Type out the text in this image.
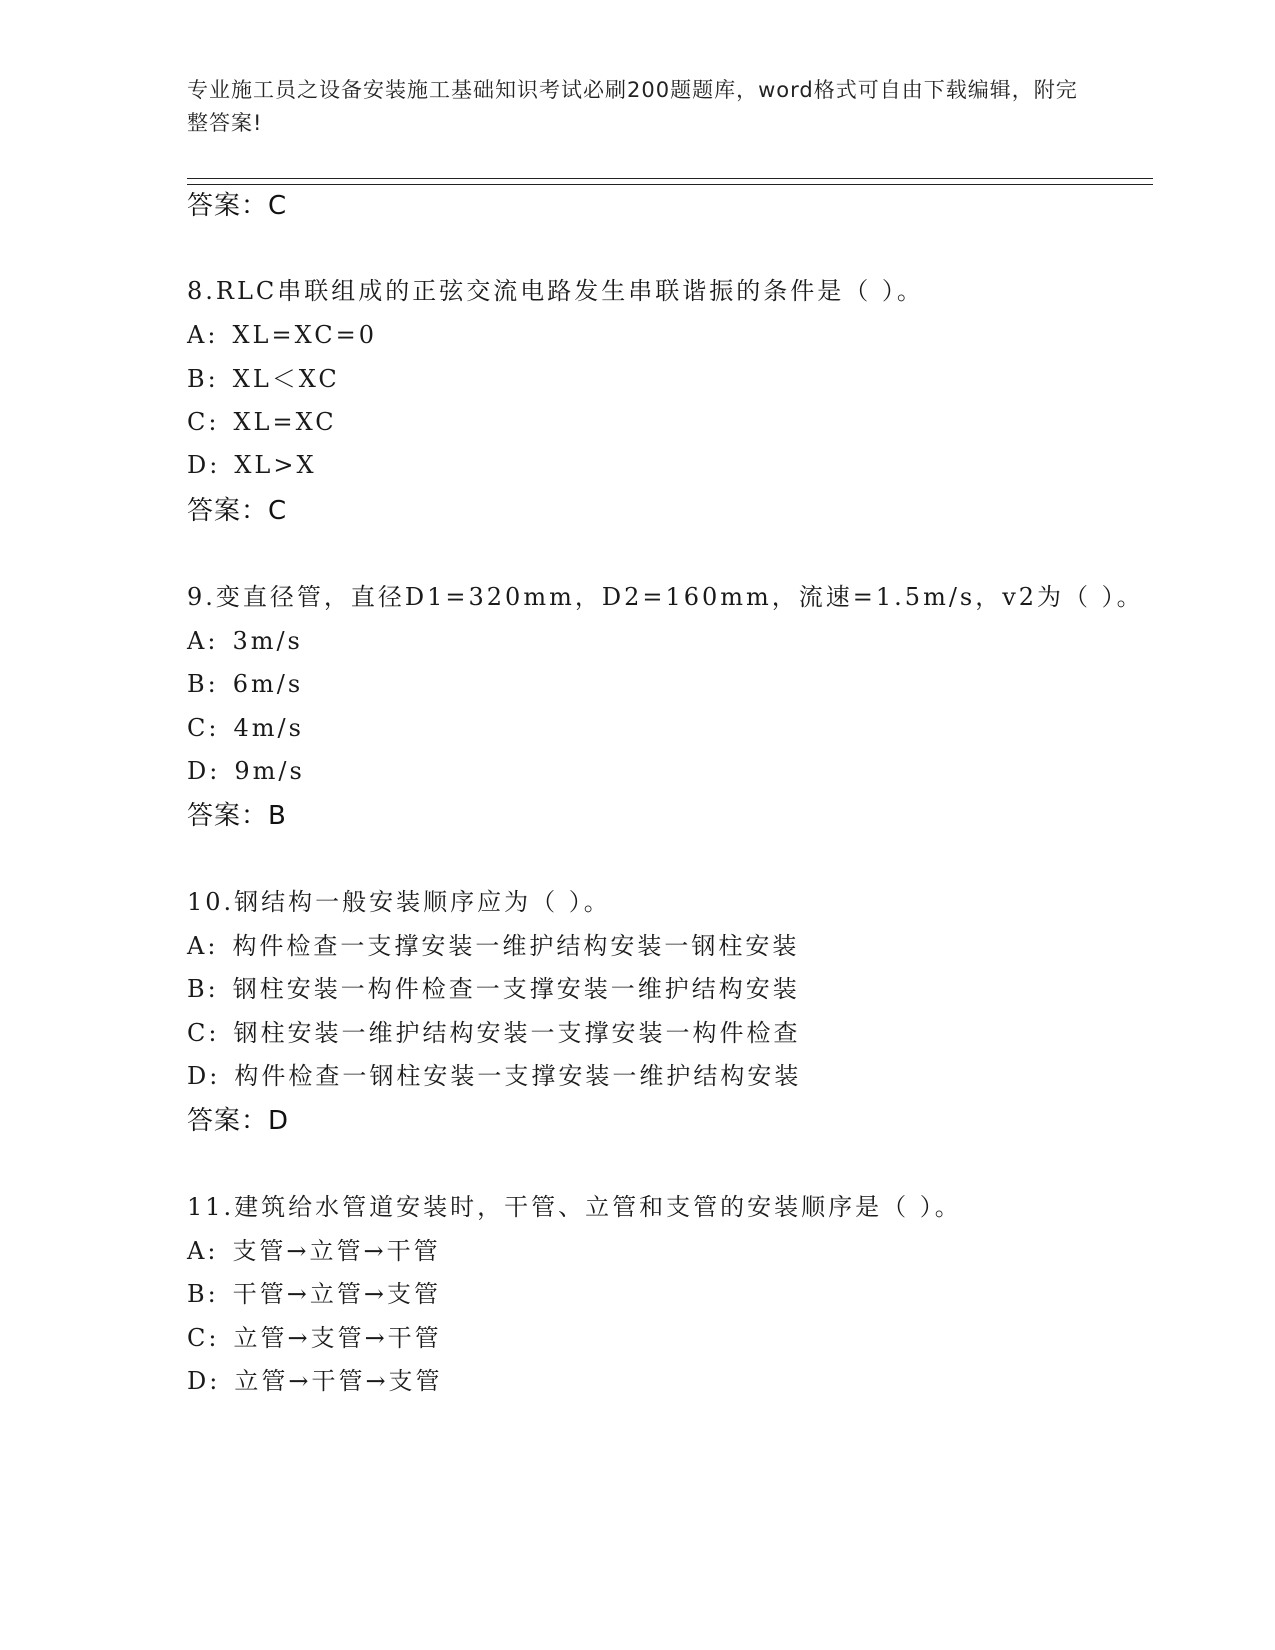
专业施工员之设备安装施工基础知识考试必刷200题题库，word格式可自由下载编辑，附完整答案!
答案：C
8.RLC串联组成的正弦交流电路发生串联谐振的条件是（ ）。
A: XL=XC=0
B: XL＜XC
C: XL=XC
D: XL>X
答案：C
9.变直径管，直径D1=320mm，D2=160mm，流速=1.5m/s，v2为（ ）。
A: 3m/s
B: 6m/s
C: 4m/s
D: 9m/s
答案：B
10.钢结构一般安装顺序应为（ ）。
A: 构件检查一支撑安装一维护结构安装一钢柱安装
B: 钢柱安装一构件检查一支撑安装一维护结构安装
C: 钢柱安装一维护结构安装一支撑安装一构件检查
D: 构件检查一钢柱安装一支撑安装一维护结构安装
答案：D
11.建筑给水管道安装时，干管、立管和支管的安装顺序是（ ）。
A: 支管→立管→干管
B: 干管→立管→支管
C: 立管→支管→干管
D: 立管→干管→支管
